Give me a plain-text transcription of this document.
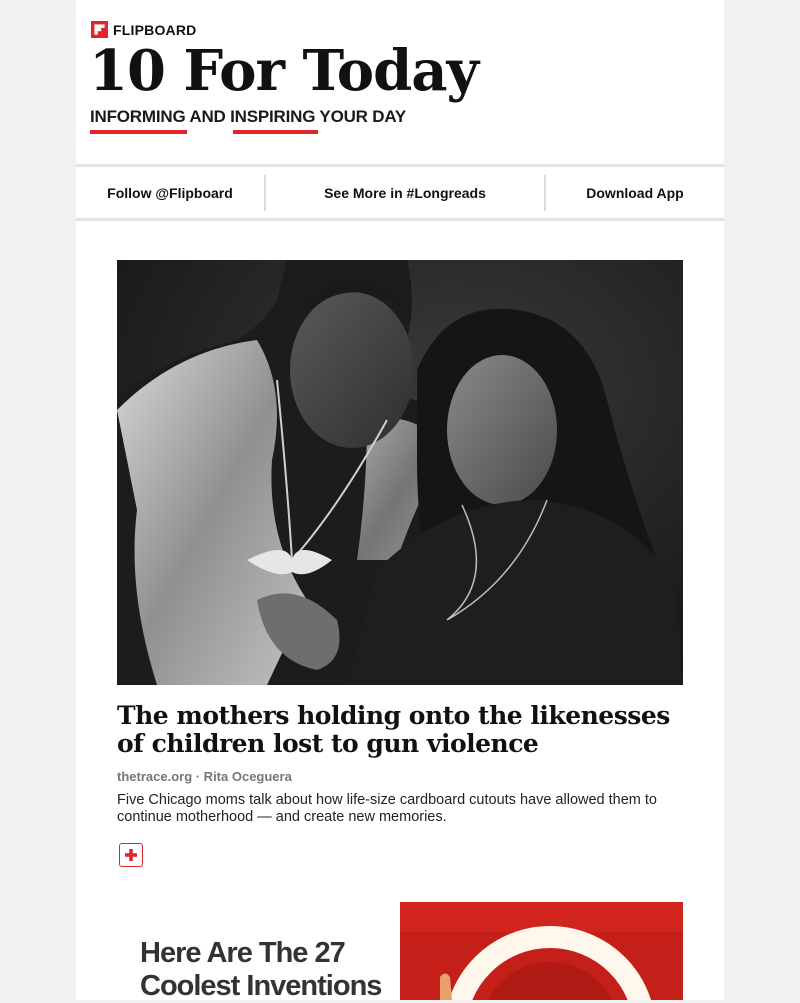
FLIPBOARD
10 For Today
INFORMING AND INSPIRING YOUR DAY
Follow @Flipboard	See More in #Longreads	Download App
The mothers holding onto the likenesses of children lost to gun violence
thetrace.org · Rita Oceguera
Five Chicago moms talk about how life-size cardboard cutouts have allowed them to continue motherhood — and create new memories.
Here Are The 27 Coolest Inventions
